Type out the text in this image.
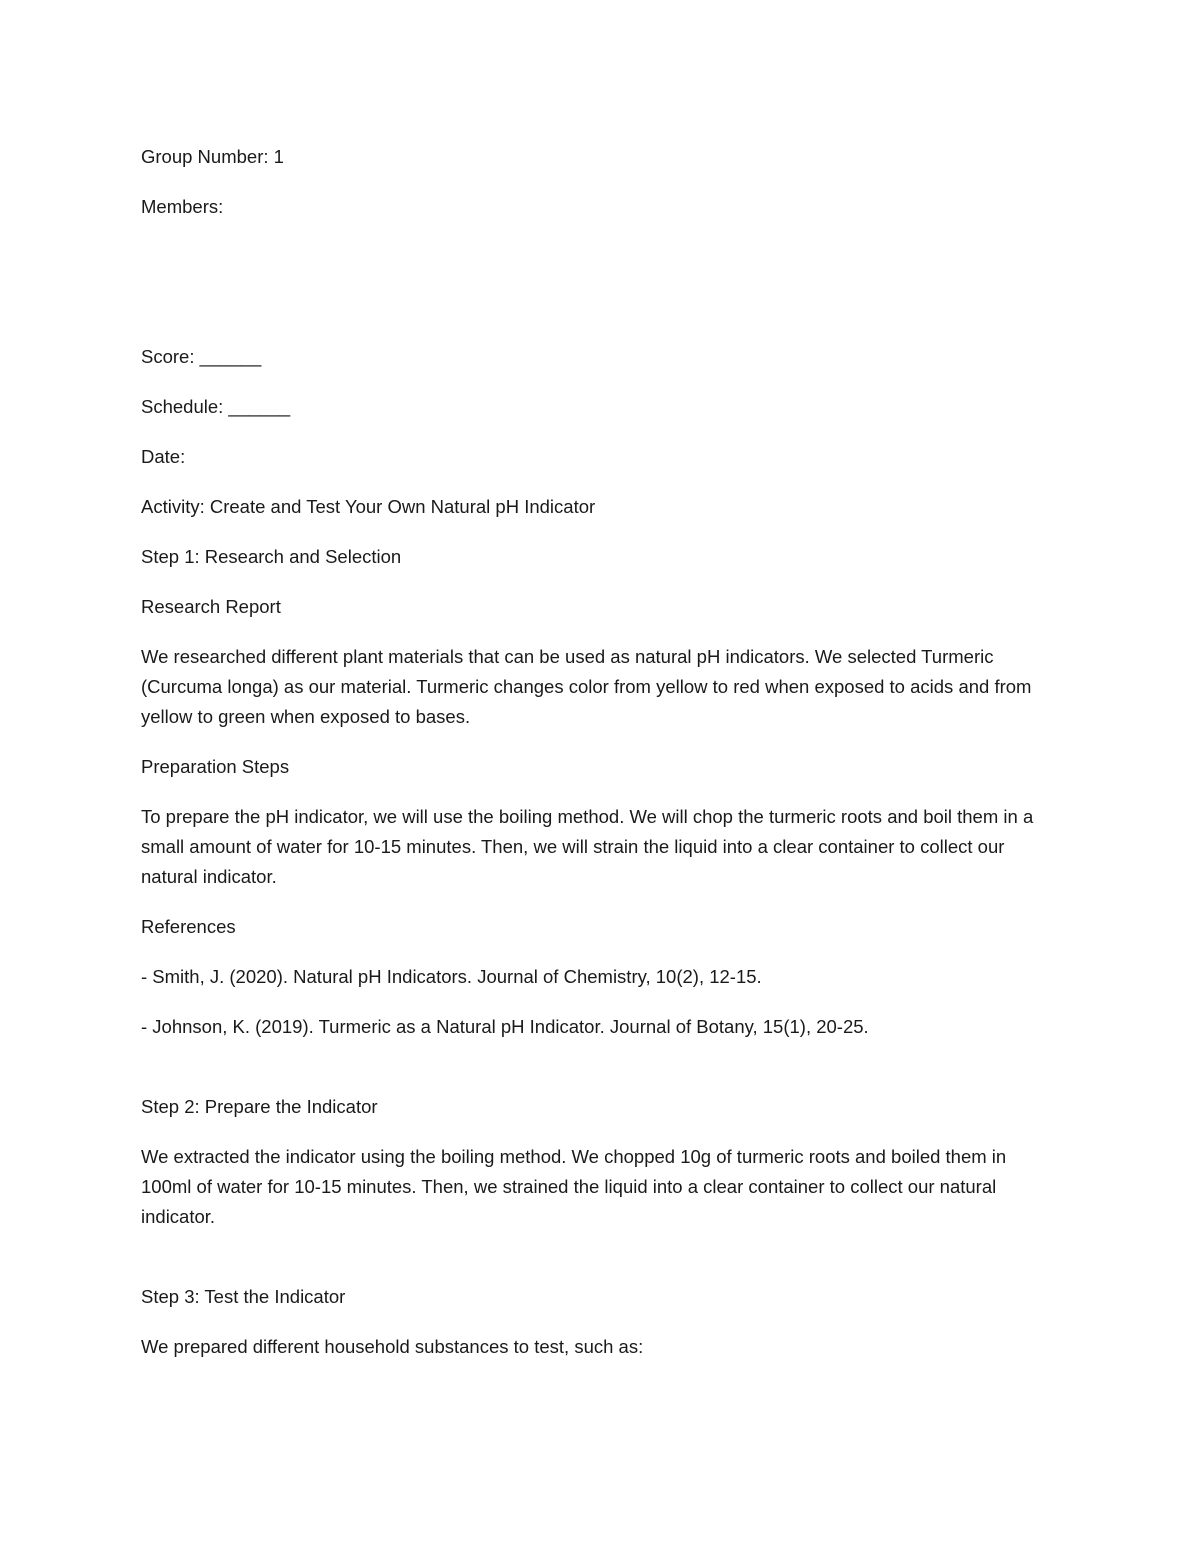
Group Number: 1

Members:

Score: ______

Schedule: ______

Date:

Activity: Create and Test Your Own Natural pH Indicator

Step 1: Research and Selection

Research Report

We researched different plant materials that can be used as natural pH indicators. We selected Turmeric (Curcuma longa) as our material. Turmeric changes color from yellow to red when exposed to acids and from yellow to green when exposed to bases.

Preparation Steps

To prepare the pH indicator, we will use the boiling method. We will chop the turmeric roots and boil them in a small amount of water for 10-15 minutes. Then, we will strain the liquid into a clear container to collect our natural indicator.

References

- Smith, J. (2020). Natural pH Indicators. Journal of Chemistry, 10(2), 12-15.

- Johnson, K. (2019). Turmeric as a Natural pH Indicator. Journal of Botany, 15(1), 20-25.

Step 2: Prepare the Indicator

We extracted the indicator using the boiling method. We chopped 10g of turmeric roots and boiled them in 100ml of water for 10-15 minutes. Then, we strained the liquid into a clear container to collect our natural indicator.

Step 3: Test the Indicator

We prepared different household substances to test, such as:
